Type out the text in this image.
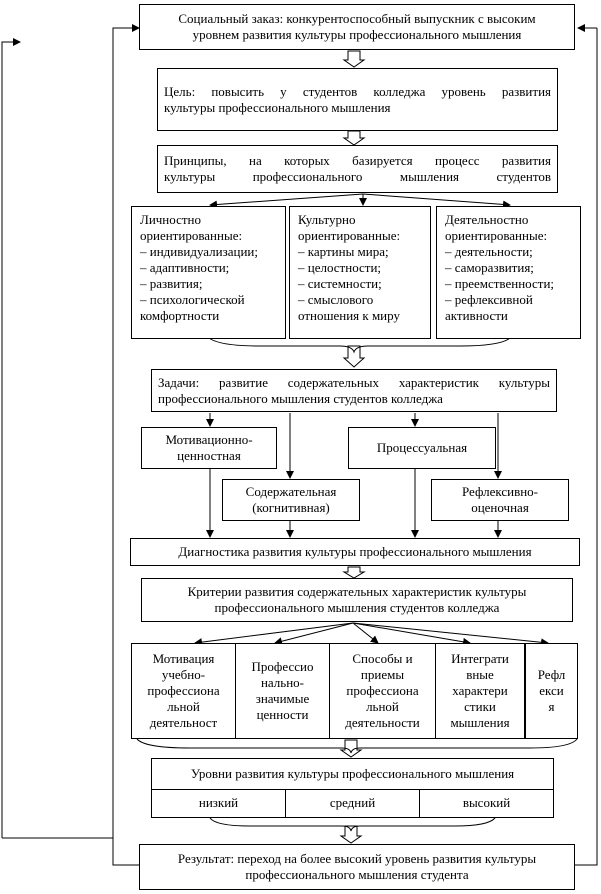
Социальный заказ: конкурентоспособный выпускник с высоким
уровнем развития культуры профессионального мышления
Цель: повысить у студентов колледжа уровень развития
культуры профессионального мышления
Принципы, на которых базируется процесс развития
культуры профессионального мышления студентов
Личностно
ориентированные:
– индивидуализации;
– адаптивности;
– развития;
– психологической
комфортности
Культурно
ориентированные:
– картины мира;
– целостности;
– системности;
– смыслового
отношения к миру
Деятельностно
ориентированные:
– деятельности;
– саморазвития;
– преемственности;
– рефлексивной
активности
Задачи: развитие содержательных характеристик культуры
профессионального мышления студентов колледжа
Мотивационно-
ценностная
Процессуальная
Содержательная
(когнитивная)
Рефлексивно-
оценочная
Диагностика развития культуры профессионального мышления
Критерии развития содержательных характеристик культуры
профессионального мышления студентов колледжа
Мотивация
учебно-
профессиона
льной
деятельност
Профессио
нально-
значимые
ценности
Способы и
приемы
профессиона
льной
деятельности
Интеграти
вные
характери
стики
мышления
Рефл
екси
я
Уровни развития культуры профессионального мышления
низкий	средний	высокий
Результат: переход на более высокий уровень развития культуры
профессионального мышления студента
